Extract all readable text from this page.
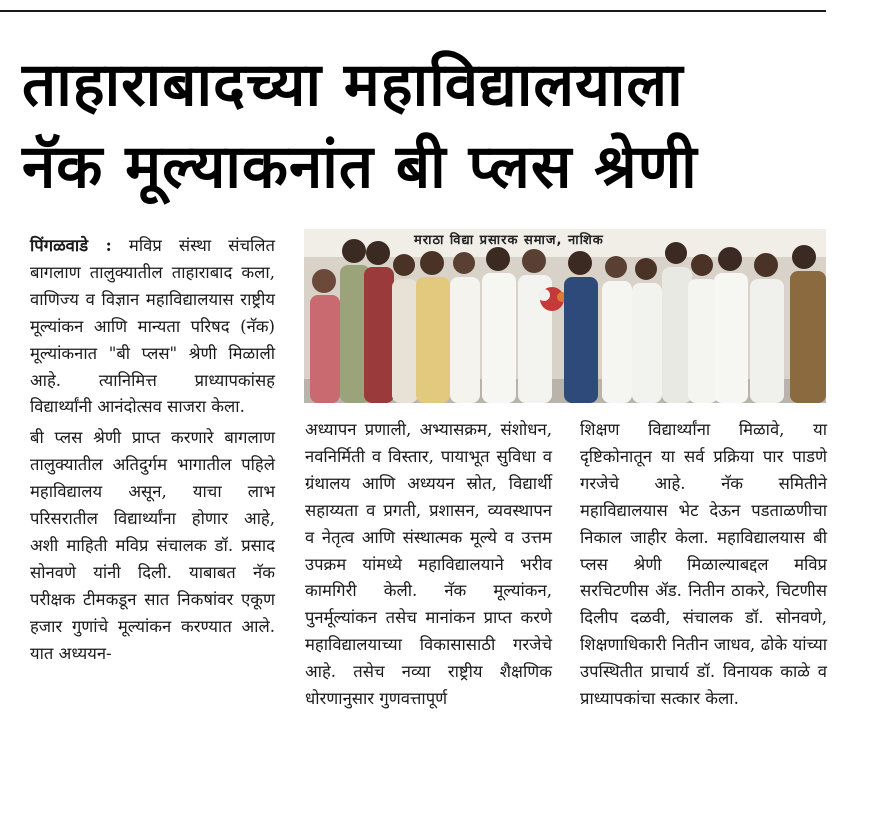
ताहाराबादच्या महाविद्यालयाला
नॅक मूल्याकनांत बी प्लस श्रेणी
मराठा विद्या प्रसारक समाज, नाशिक

पिंगळवाडे : मविप्र संस्था संचलित बागलाण तालुक्यातील ताहाराबाद कला, वाणिज्य व विज्ञान महाविद्यालयास राष्ट्रीय मूल्यांकन आणि मान्यता परिषद (नॅक) मूल्यांकनात "बी प्लस" श्रेणी मिळाली आहे. त्यानिमित्त प्राध्यापकांसह विद्यार्थ्यांनी आनंदोत्सव साजरा केला.

बी प्लस श्रेणी प्राप्त करणारे बागलाण तालुक्यातील अतिदुर्गम भागातील पहिले महाविद्यालय असून, याचा लाभ परिसरातील विद्यार्थ्यांना होणार आहे, अशी माहिती मविप्र संचालक डॉ. प्रसाद सोनवणे यांनी दिली. याबाबत नॅक परीक्षक टीमकडून सात निकषांवर एकूण हजार गुणांचे मूल्यांकन करण्यात आले. यात अध्ययन-

अध्यापन प्रणाली, अभ्यासक्रम, संशोधन, नवनिर्मिती व विस्तार, पायाभूत सुविधा व ग्रंथालय आणि अध्ययन स्रोत, विद्यार्थी सहाय्यता व प्रगती, प्रशासन, व्यवस्थापन व नेतृत्व आणि संस्थात्मक मूल्ये व उत्तम उपक्रम यांमध्ये महाविद्यालयाने भरीव कामगिरी केली. नॅक मूल्यांकन, पुनर्मूल्यांकन तसेच मानांकन प्राप्त करणे महाविद्यालयाच्या विकासासाठी गरजेचे आहे. तसेच नव्या राष्ट्रीय शैक्षणिक धोरणानुसार गुणवत्तापूर्ण

शिक्षण विद्यार्थ्यांना मिळावे, या दृष्टिकोनातून या सर्व प्रक्रिया पार पाडणे गरजेचे आहे. नॅक समितीने महाविद्यालयास भेट देऊन पडताळणीचा निकाल जाहीर केला. महाविद्यालयास बी प्लस श्रेणी मिळाल्याबद्दल मविप्र सरचिटणीस ॲड. नितीन ठाकरे, चिटणीस दिलीप दळवी, संचालक डॉ. सोनवणे, शिक्षणाधिकारी नितीन जाधव, ढोके यांच्या उपस्थितीत प्राचार्य डॉ. विनायक काळे व प्राध्यापकांचा सत्कार केला.
